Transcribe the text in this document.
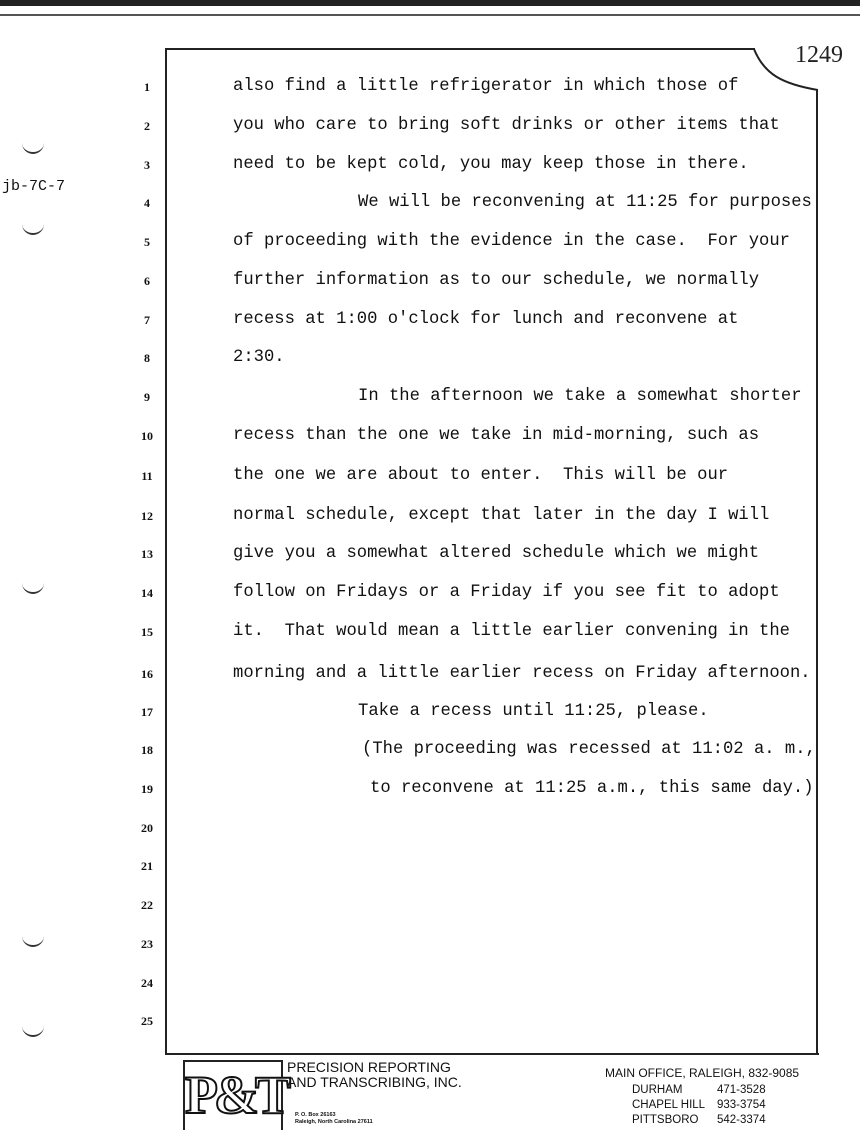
1249
jb-7C-7
1	also find a little refrigerator in which those of
2	you who care to bring soft drinks or other items that
3	need to be kept cold, you may keep those in there.
4	We will be reconvening at 11:25 for purposes
5	of proceeding with the evidence in the case.  For your
6	further information as to our schedule, we normally
7	recess at 1:00 o'clock for lunch and reconvene at
8	2:30.
9	In the afternoon we take a somewhat shorter
10	recess than the one we take in mid-morning, such as
11	the one we are about to enter.  This will be our
12	normal schedule, except that later in the day I will
13	give you a somewhat altered schedule which we might
14	follow on Fridays or a Friday if you see fit to adopt
15	it.  That would mean a little earlier convening in the
16	morning and a little earlier recess on Friday afternoon.
17	Take a recess until 11:25, please.
18	(The proceeding was recessed at 11:02 a. m.,
19	to reconvene at 11:25 a.m., this same day.)
20
21
22
23
24
25
P&T PRECISION REPORTING
AND TRANSCRIBING, INC.
P. O. Box 26163
Raleigh, North Carolina 27611
MAIN OFFICE, RALEIGH, 832-9085
DURHAM	471-3528
CHAPEL HILL 933-3754
PITTSBORO 542-3374
